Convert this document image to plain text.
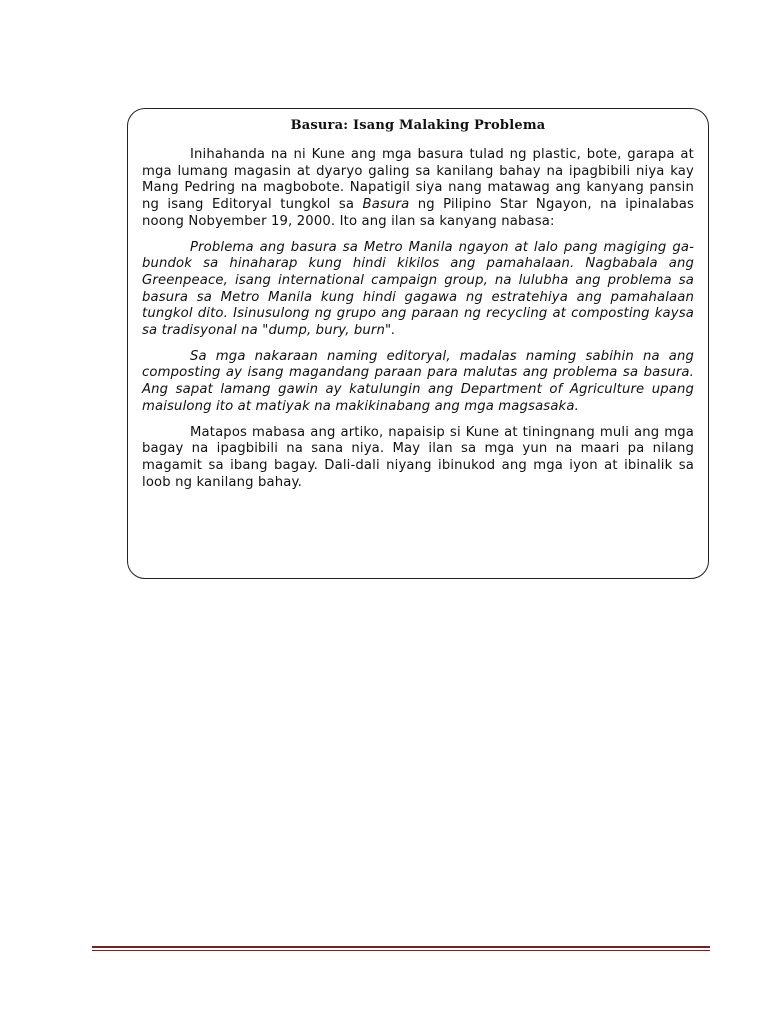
Basura: Isang Malaking Problema

Inihahanda na ni Kune ang mga basura tulad ng plastic, bote, garapa at mga lumang magasin at dyaryo galing sa kanilang bahay na ipagbibili niya kay Mang Pedring na magbobote. Napatigil siya nang matawag ang kanyang pansin ng isang Editoryal tungkol sa Basura ng Pilipino Star Ngayon, na ipinalabas noong Nobyember 19, 2000. Ito ang ilan sa kanyang nabasa:

Problema ang basura sa Metro Manila ngayon at lalo pang magiging ga-bundok sa hinaharap kung hindi kikilos ang pamahalaan. Nagbabala ang Greenpeace, isang international campaign group, na lulubha ang problema sa basura sa Metro Manila kung hindi gagawa ng estratehiya ang pamahalaan tungkol dito. Isinusulong ng grupo ang paraan ng recycling at composting kaysa sa tradisyonal na "dump, bury, burn".

Sa mga nakaraan naming editoryal, madalas naming sabihin na ang composting ay isang magandang paraan para malutas ang problema sa basura. Ang sapat lamang gawin ay katulungin ang Department of Agriculture upang maisulong ito at matiyak na makikinabang ang mga magsasaka.

Matapos mabasa ang artiko, napaisip si Kune at tiningnang muli ang mga bagay na ipagbibili na sana niya. May ilan sa mga yun na maari pa nilang magamit sa ibang bagay. Dali-dali niyang ibinukod ang mga iyon at ibinalik sa loob ng kanilang bahay.
